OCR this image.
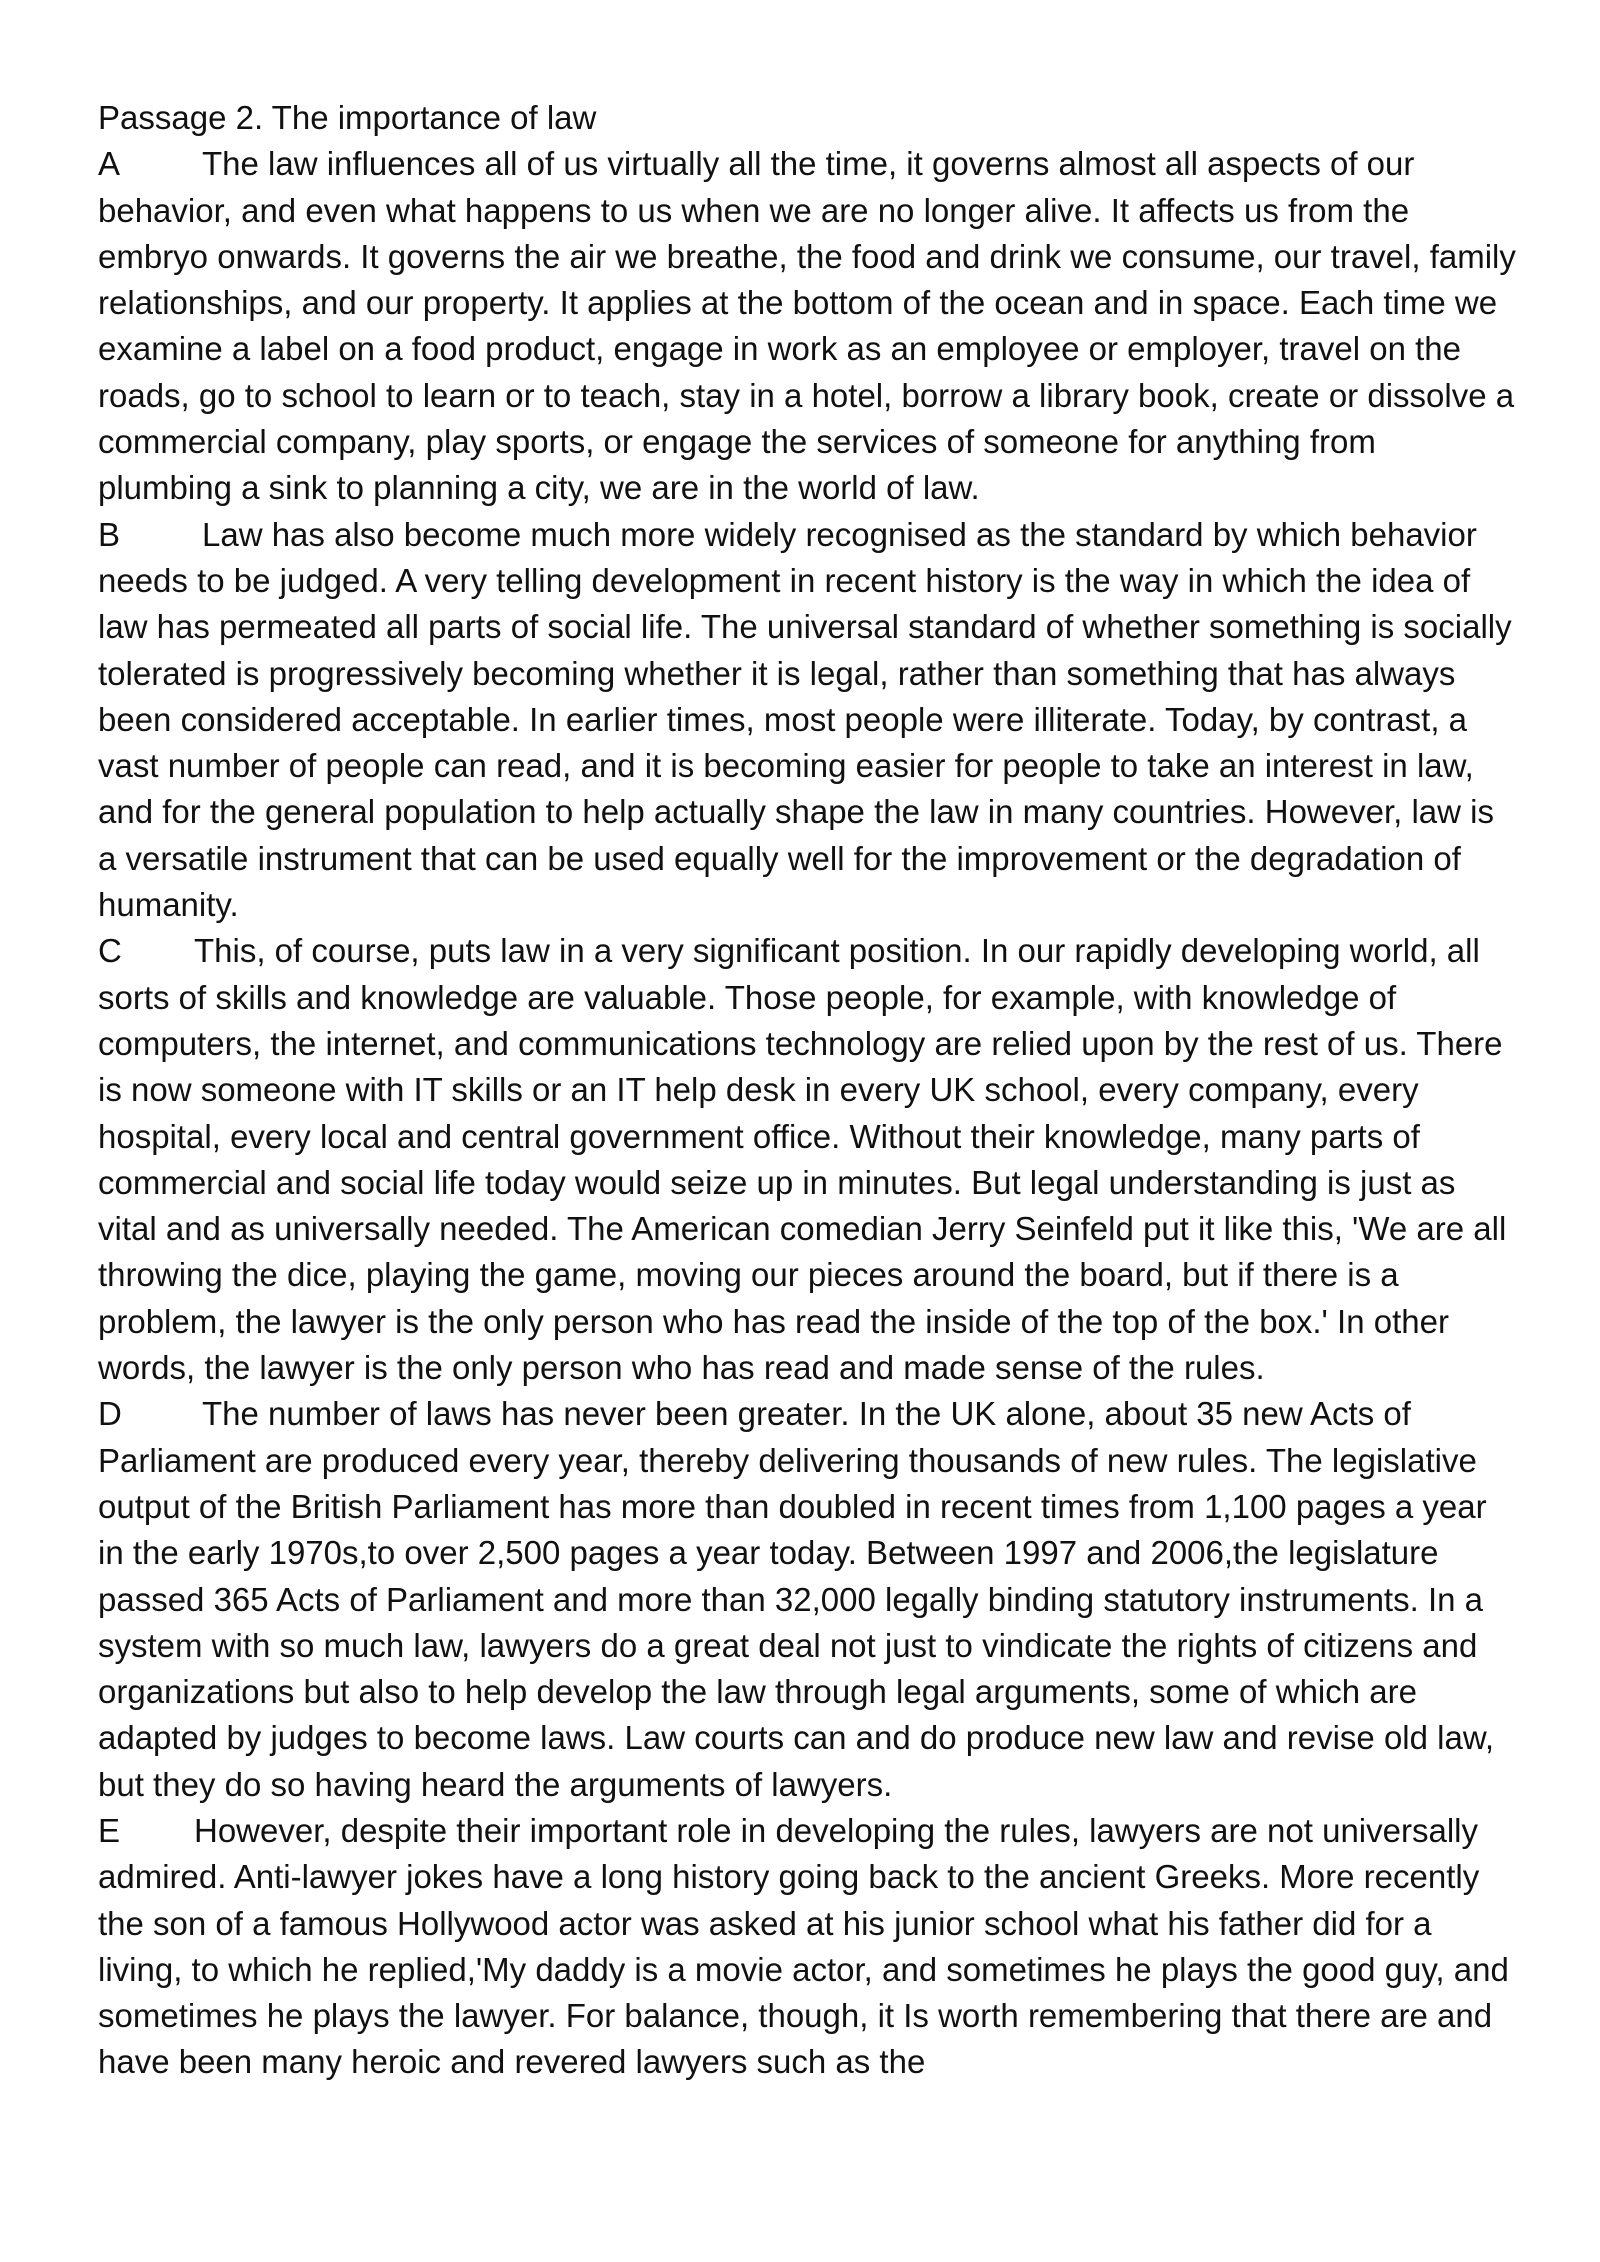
Passage 2. The importance of law

A The law influences all of us virtually all the time, it governs almost all aspects of our behavior, and even what happens to us when we are no longer alive. It affects us from the embryo onwards. It governs the air we breathe, the food and drink we consume, our travel, family relationships, and our property. It applies at the bottom of the ocean and in space. Each time we examine a label on a food product, engage in work as an employee or employer, travel on the roads, go to school to learn or to teach, stay in a hotel, borrow a library book, create or dissolve a commercial company, play sports, or engage the services of someone for anything from plumbing a sink to planning a city, we are in the world of law.

B Law has also become much more widely recognised as the standard by which behavior needs to be judged. A very telling development in recent history is the way in which the idea of law has permeated all parts of social life. The universal standard of whether something is socially tolerated is progressively becoming whether it is legal, rather than something that has always been considered acceptable. In earlier times, most people were illiterate. Today, by contrast, a vast number of people can read, and it is becoming easier for people to take an interest in law, and for the general population to help actually shape the law in many countries. However, law is a versatile instrument that can be used equally well for the improvement or the degradation of humanity.

C This, of course, puts law in a very significant position. In our rapidly developing world, all sorts of skills and knowledge are valuable. Those people, for example, with knowledge of computers, the internet, and communications technology are relied upon by the rest of us. There is now someone with IT skills or an IT help desk in every UK school, every company, every hospital, every local and central government office. Without their knowledge, many parts of commercial and social life today would seize up in minutes. But legal understanding is just as vital and as universally needed. The American comedian Jerry Seinfeld put it like this, 'We are all throwing the dice, playing the game, moving our pieces around the board, but if there is a problem, the lawyer is the only person who has read the inside of the top of the box.' In other words, the lawyer is the only person who has read and made sense of the rules.

D The number of laws has never been greater. In the UK alone, about 35 new Acts of Parliament are produced every year, thereby delivering thousands of new rules. The legislative output of the British Parliament has more than doubled in recent times from 1,100 pages a year in the early 1970s,to over 2,500 pages a year today. Between 1997 and 2006,the legislature passed 365 Acts of Parliament and more than 32,000 legally binding statutory instruments. In a system with so much law, lawyers do a great deal not just to vindicate the rights of citizens and organizations but also to help develop the law through legal arguments, some of which are adapted by judges to become laws. Law courts can and do produce new law and revise old law, but they do so having heard the arguments of lawyers.

E However, despite their important role in developing the rules, lawyers are not universally admired. Anti-lawyer jokes have a long history going back to the ancient Greeks. More recently the son of a famous Hollywood actor was asked at his junior school what his father did for a living, to which he replied,'My daddy is a movie actor, and sometimes he plays the good guy, and sometimes he plays the lawyer. For balance, though, it Is worth remembering that there are and have been many heroic and revered lawyers such as the
